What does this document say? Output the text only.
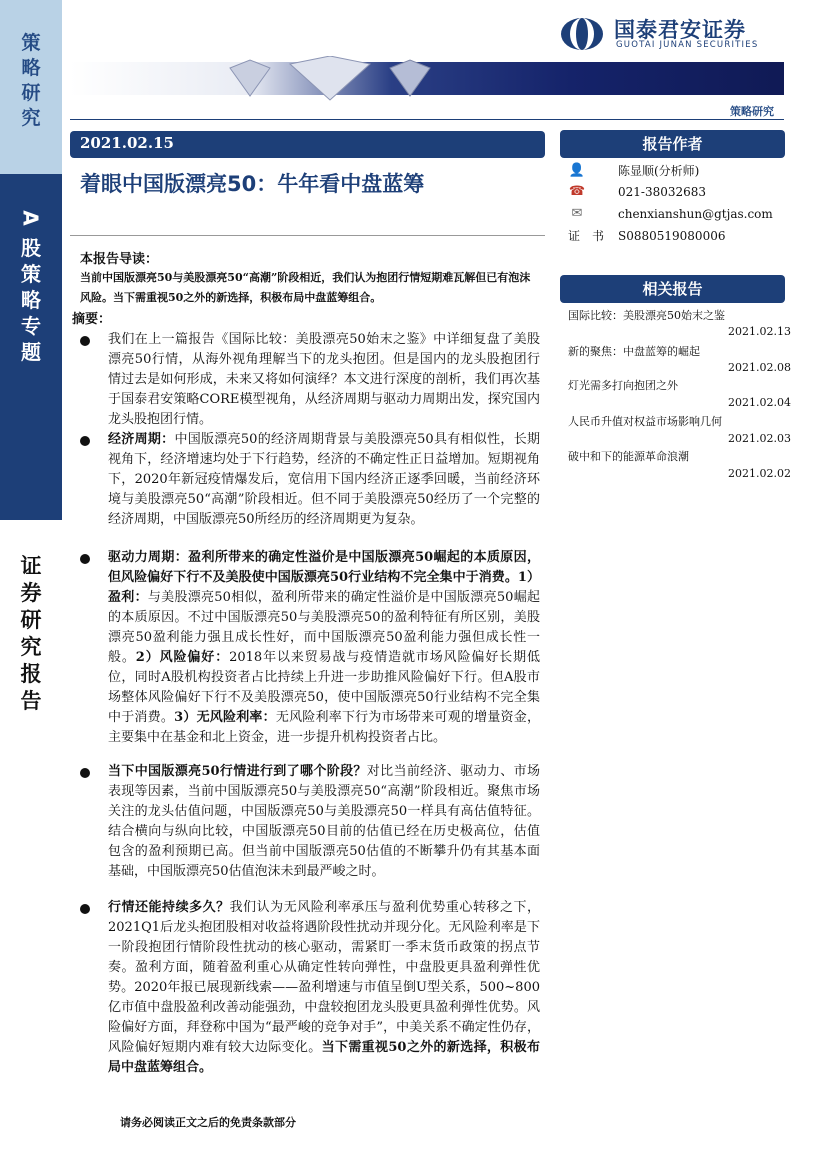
策
略
研
究
A
股
策
略
专
题
证
券
研
究
报
告
国泰君安证券
GUOTAI JUNAN SECURITIES
策略研究
2021.02.15
着眼中国版漂亮50：牛年看中盘蓝筹
报告作者
👤	陈显顺(分析师)
☎	021-38032683
✉	chenxianshun@gtjas.com
证　书	S0880519080006
相关报告
国际比较：美股漂亮50始末之鉴
2021.02.13
新的聚焦：中盘蓝筹的崛起
2021.02.08
灯光需多打向抱团之外
2021.02.04
人民币升值对权益市场影响几何
2021.02.03
破中和下的能源革命浪潮
2021.02.02
本报告导读：
当前中国版漂亮50与美股漂亮50“高潮”阶段相近，我们认为抱团行情短期难瓦解但已有泡沫风险。当下需重视50之外的新选择，积极布局中盘蓝筹组合。
摘要：
我们在上一篇报告《国际比较：美股漂亮50始末之鉴》中详细复盘了美股漂亮50行情，从海外视角理解当下的龙头抱团。但是国内的龙头股抱团行情过去是如何形成，未来又将如何演绎？本文进行深度的剖析，我们再次基于国泰君安策略CORE模型视角，从经济周期与驱动力周期出发，探究国内龙头股抱团行情。
经济周期：中国版漂亮50的经济周期背景与美股漂亮50具有相似性，长期视角下，经济增速均处于下行趋势，经济的不确定性正日益增加。短期视角下，2020年新冠疫情爆发后，宽信用下国内经济正逐季回暖，当前经济环境与美股漂亮50“高潮”阶段相近。但不同于美股漂亮50经历了一个完整的经济周期，中国版漂亮50所经历的经济周期更为复杂。
驱动力周期：盈利所带来的确定性溢价是中国版漂亮50崛起的本质原因，但风险偏好下行不及美股使中国版漂亮50行业结构不完全集中于消费。1）盈利：与美股漂亮50相似，盈利所带来的确定性溢价是中国版漂亮50崛起的本质原因。不过中国版漂亮50与美股漂亮50的盈利特征有所区别，美股漂亮50盈利能力强且成长性好，而中国版漂亮50盈利能力强但成长性一般。2）风险偏好：2018年以来贸易战与疫情造就市场风险偏好长期低位，同时A股机构投资者占比持续上升进一步助推风险偏好下行。但A股市场整体风险偏好下行不及美股漂亮50，使中国版漂亮50行业结构不完全集中于消费。3）无风险利率：无风险利率下行为市场带来可观的增量资金，主要集中在基金和北上资金，进一步提升机构投资者占比。
当下中国版漂亮50行情进行到了哪个阶段？对比当前经济、驱动力、市场表现等因素，当前中国版漂亮50与美股漂亮50“高潮”阶段相近。聚焦市场关注的龙头估值问题，中国版漂亮50与美股漂亮50一样具有高估值特征。结合横向与纵向比较，中国版漂亮50目前的估值已经在历史极高位，估值包含的盈利预期已高。但当前中国版漂亮50估值的不断攀升仍有其基本面基础，中国版漂亮50估值泡沫未到最严峻之时。
行情还能持续多久？我们认为无风险利率承压与盈利优势重心转移之下，2021Q1后龙头抱团股相对收益将遇阶段性扰动并现分化。无风险利率是下一阶段抱团行情阶段性扰动的核心驱动，需紧盯一季末货币政策的拐点节奏。盈利方面，随着盈利重心从确定性转向弹性，中盘股更具盈利弹性优势。2020年报已展现新线索——盈利增速与市值呈倒U型关系，500~800亿市值中盘股盈利改善动能强劲，中盘较抱团龙头股更具盈利弹性优势。风险偏好方面，拜登称中国为“最严峻的竞争对手”，中美关系不确定性仍存，风险偏好短期内难有较大边际变化。当下需重视50之外的新选择，积极布局中盘蓝筹组合。
请务必阅读正文之后的免责条款部分
